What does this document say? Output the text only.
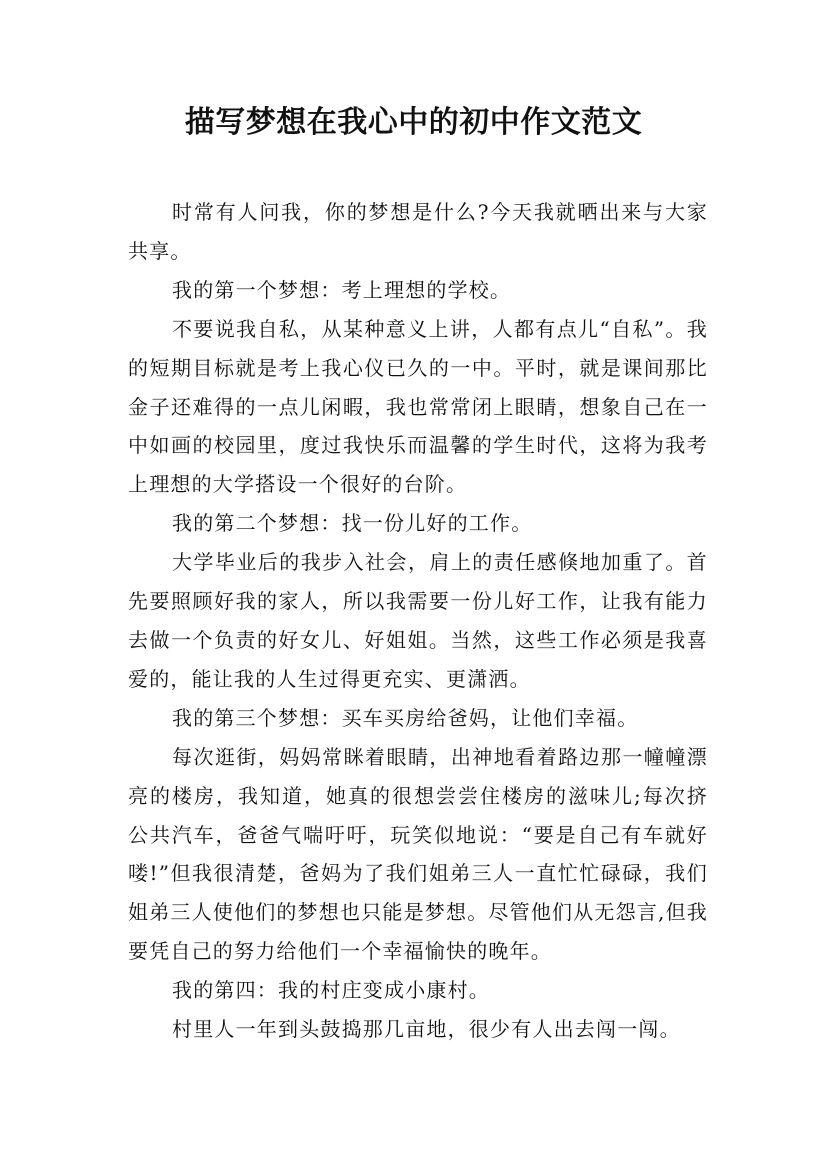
描写梦想在我心中的初中作文范文

时常有人问我，你的梦想是什么?今天我就晒出来与大家共享。

我的第一个梦想：考上理想的学校。

不要说我自私，从某种意义上讲，人都有点儿“自私”。我的短期目标就是考上我心仪已久的一中。平时，就是课间那比金子还难得的一点儿闲暇，我也常常闭上眼睛，想象自己在一中如画的校园里，度过我快乐而温馨的学生时代，这将为我考上理想的大学搭设一个很好的台阶。

我的第二个梦想：找一份儿好的工作。

大学毕业后的我步入社会，肩上的责任感倏地加重了。首先要照顾好我的家人，所以我需要一份儿好工作，让我有能力去做一个负责的好女儿、好姐姐。当然，这些工作必须是我喜爱的，能让我的人生过得更充实、更潇洒。

我的第三个梦想：买车买房给爸妈，让他们幸福。

每次逛街，妈妈常眯着眼睛，出神地看着路边那一幢幢漂亮的楼房，我知道，她真的很想尝尝住楼房的滋味儿;每次挤公共汽车，爸爸气喘吁吁，玩笑似地说：“要是自己有车就好喽!”但我很清楚，爸妈为了我们姐弟三人一直忙忙碌碌，我们姐弟三人使他们的梦想也只能是梦想。尽管他们从无怨言,但我要凭自己的努力给他们一个幸福愉快的晚年。

我的第四：我的村庄变成小康村。

村里人一年到头鼓捣那几亩地，很少有人出去闯一闯。
